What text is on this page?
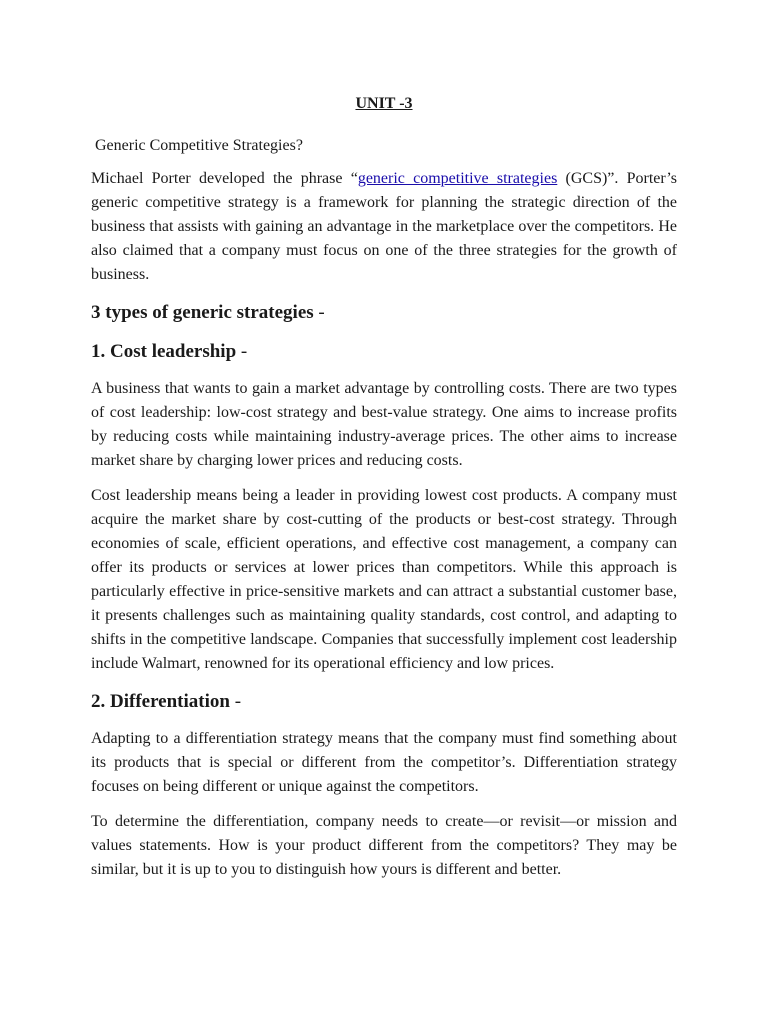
UNIT -3
Generic Competitive Strategies?

Michael Porter developed the phrase “generic competitive strategies (GCS)”. Porter’s generic competitive strategy is a framework for planning the strategic direction of the business that assists with gaining an advantage in the marketplace over the competitors. He also claimed that a company must focus on one of the three strategies for the growth of business.

3 types of generic strategies -
1. Cost leadership -

A business that wants to gain a market advantage by controlling costs. There are two types of cost leadership: low-cost strategy and best-value strategy. One aims to increase profits by reducing costs while maintaining industry-average prices. The other aims to increase market share by charging lower prices and reducing costs.

Cost leadership means being a leader in providing lowest cost products. A company must acquire the market share by cost-cutting of the products or best-cost strategy. Through economies of scale, efficient operations, and effective cost management, a company can offer its products or services at lower prices than competitors. While this approach is particularly effective in price-sensitive markets and can attract a substantial customer base, it presents challenges such as maintaining quality standards, cost control, and adapting to shifts in the competitive landscape. Companies that successfully implement cost leadership include Walmart, renowned for its operational efficiency and low prices.

2. Differentiation -

Adapting to a differentiation strategy means that the company must find something about its products that is special or different from the competitor’s. Differentiation strategy focuses on being different or unique against the competitors.

To determine the differentiation, company needs to create—or revisit—or mission and values statements. How is your product different from the competitors? They may be similar, but it is up to you to distinguish how yours is different and better.
